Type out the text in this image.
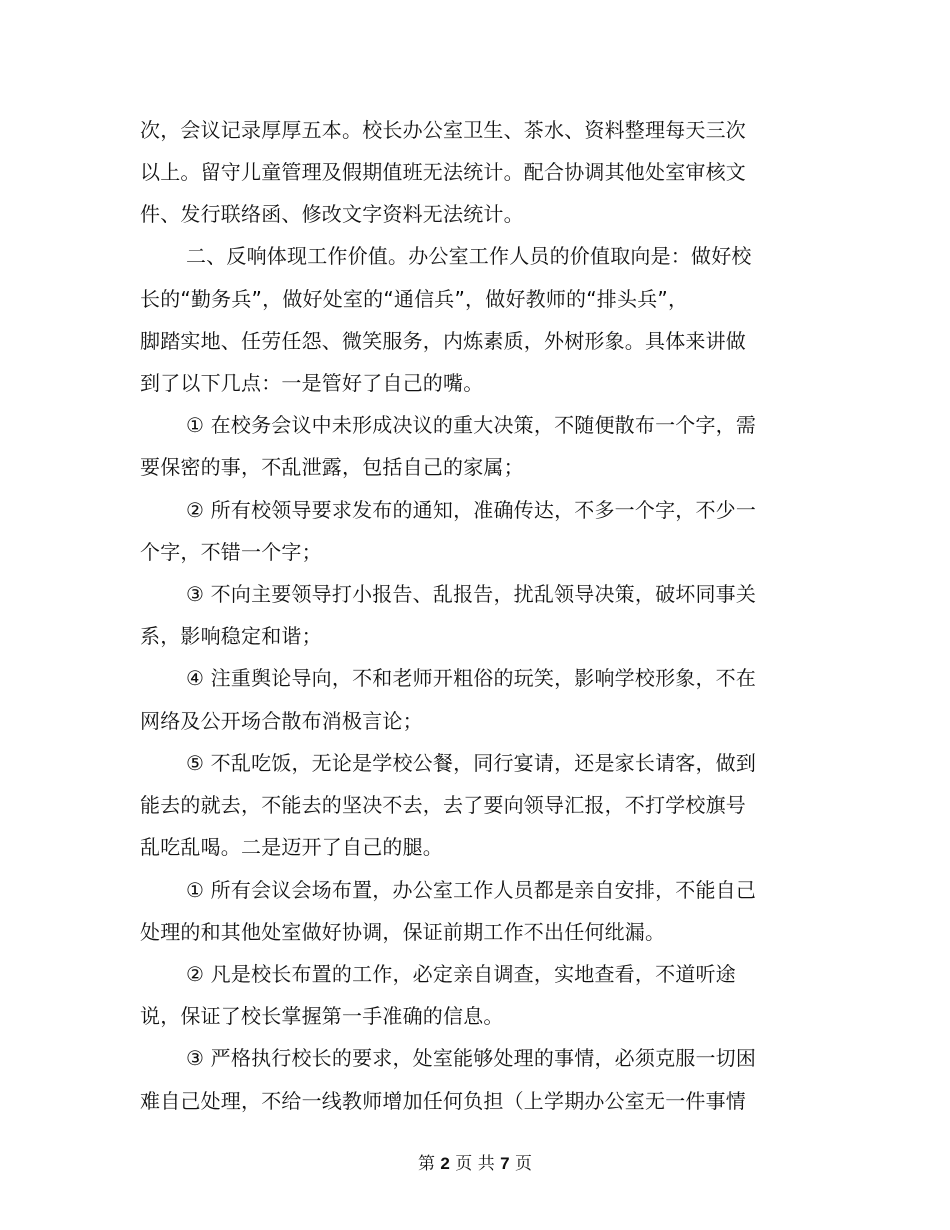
次，会议记录厚厚五本。校长办公室卫生、茶水、资料整理每天三次
以上。留守儿童管理及假期值班无法统计。配合协调其他处室审核文
件、发行联络函、修改文字资料无法统计。
二、反响体现工作价值。办公室工作人员的价值取向是：做好校
长的“勤务兵”，做好处室的“通信兵”，做好教师的“排头兵”，
脚踏实地、任劳任怨、微笑服务，内炼素质，外树形象。具体来讲做
到了以下几点：一是管好了自己的嘴。
① 在校务会议中未形成决议的重大决策，不随便散布一个字，需
要保密的事，不乱泄露，包括自己的家属；
② 所有校领导要求发布的通知，准确传达，不多一个字，不少一
个字，不错一个字；
③ 不向主要领导打小报告、乱报告，扰乱领导决策，破坏同事关
系，影响稳定和谐；
④ 注重舆论导向，不和老师开粗俗的玩笑，影响学校形象，不在
网络及公开场合散布消极言论；
⑤ 不乱吃饭，无论是学校公餐，同行宴请，还是家长请客，做到
能去的就去，不能去的坚决不去，去了要向领导汇报，不打学校旗号
乱吃乱喝。二是迈开了自己的腿。
① 所有会议会场布置，办公室工作人员都是亲自安排，不能自己
处理的和其他处室做好协调，保证前期工作不出任何纰漏。
② 凡是校长布置的工作，必定亲自调查，实地查看，不道听途
说，保证了校长掌握第一手准确的信息。
③ 严格执行校长的要求，处室能够处理的事情，必须克服一切困
难自己处理，不给一线教师增加任何负担（上学期办公室无一件事情
第 2 页 共 7 页
